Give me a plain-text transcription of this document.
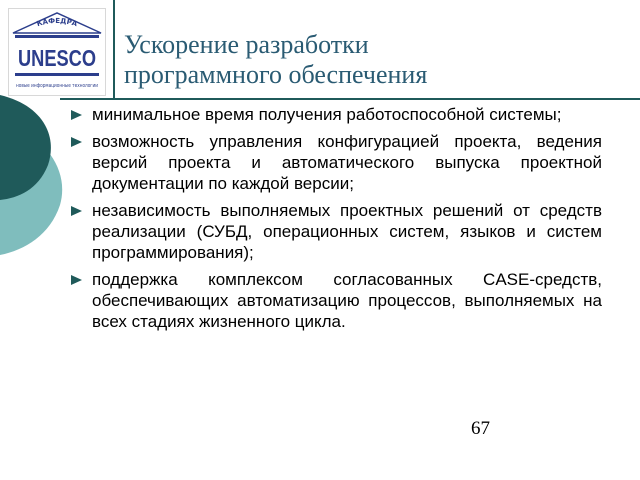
КАФЕДРА
UNESCO
новые информационные технологии
Ускорение разработки
программного обеспечения
минимальное время получения работоспособной системы;
возможность управления конфигурацией проекта, ведения версий проекта и автоматического выпуска проектной документации по каждой версии;
независимость выполняемых проектных решений от средств реализации (СУБД, операционных систем, языков и систем программирования);
поддержка комплексом согласованных CASE-средств, обеспечивающих автоматизацию процессов, выполняемых на всех стадиях жизненного цикла.
67
